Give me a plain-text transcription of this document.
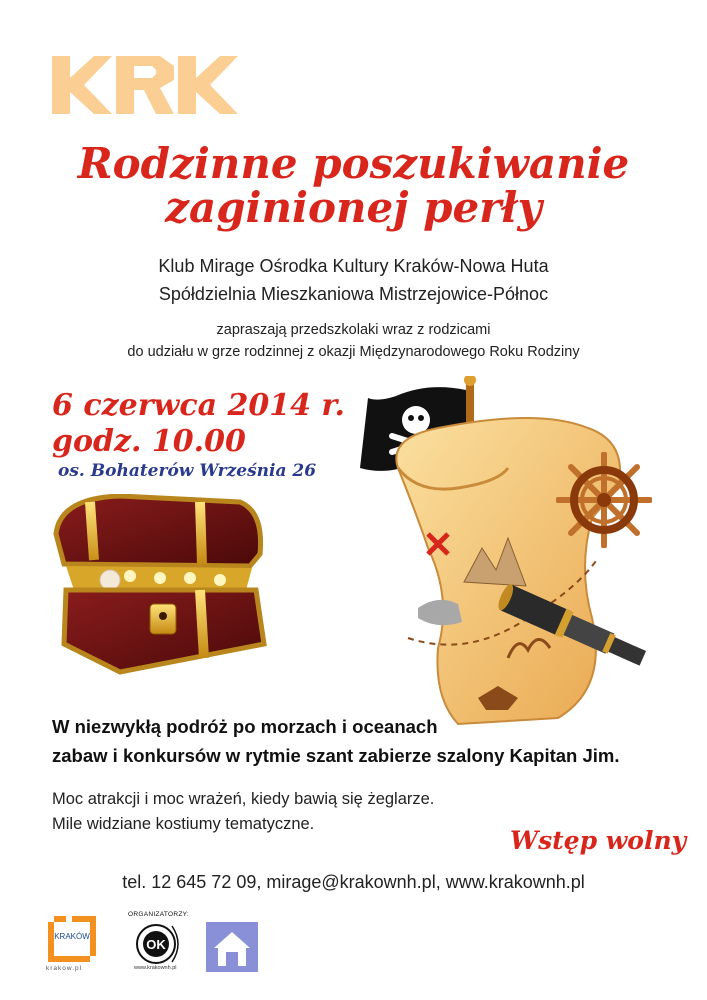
Rodzinne poszukiwanie
zaginionej perły
Klub Mirage Ośrodka Kultury Kraków-Nowa Huta
Spółdzielnia Mieszkaniowa Mistrzejowice-Północ
zapraszają przedszkolaki wraz z rodzicami
do udziału w grze rodzinnej z okazji Międzynarodowego Roku Rodziny
6 czerwca 2014 r.
godz. 10.00
os. Bohaterów Września 26
W niezwykłą podróż po morzach i oceanach
zabaw i konkursów w rytmie szant zabierze szalony Kapitan Jim.
Moc atrakcji i moc wrażeń, kiedy bawią się żeglarze.
Mile widziane kostiumy tematyczne.
Wstęp wolny
tel. 12 645 72 09, mirage@krakownh.pl, www.krakownh.pl
KRAKÓW
krakow.pl
ORGANIZATORZY:
OK
www.krakownh.pl
